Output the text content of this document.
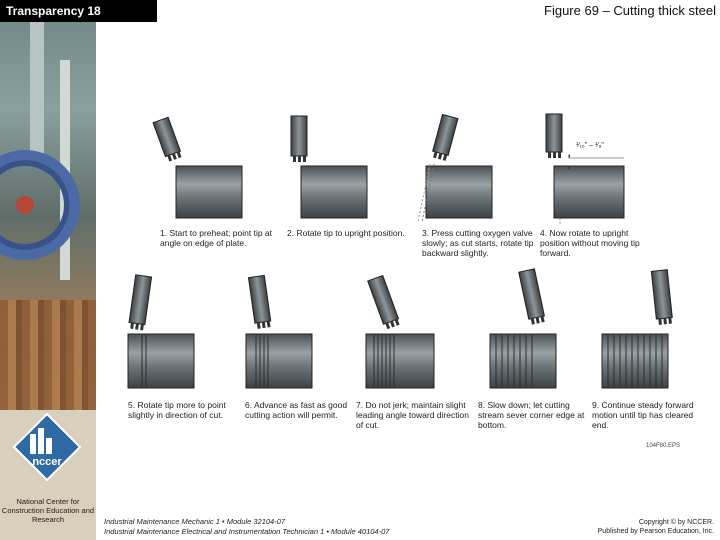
nccer
National Center for Construction Education and Research
Transparency 18	Figure 69 – Cutting thick steel
1. Start to preheat; point tip at angle on edge of plate.
2. Rotate tip to upright position. 3. Press cutting oxygen valve slowly; as cut starts, rotate tip backward slightly.
¹⁄₁₆" – ¹⁄₈"
4. Now rotate to upright position without moving tip forward.
5. Rotate tip more to point slightly in direction of cut.
6. Advance as fast as good cutting action will permit.
7. Do not jerk; maintain slight leading angle toward direction of cut.
8. Slow down; let cutting stream sever corner edge at bottom.
9. Continue steady forward motion until tip has cleared end.
104F80.EPS
Industrial Maintenance Mechanic 1 • Module 32104-07
Industrial Maintenance Electrical and Instrumentation Technician 1 • Module 40104-07
Copyright © by NCCER.
Published by Pearson Education, Inc.
